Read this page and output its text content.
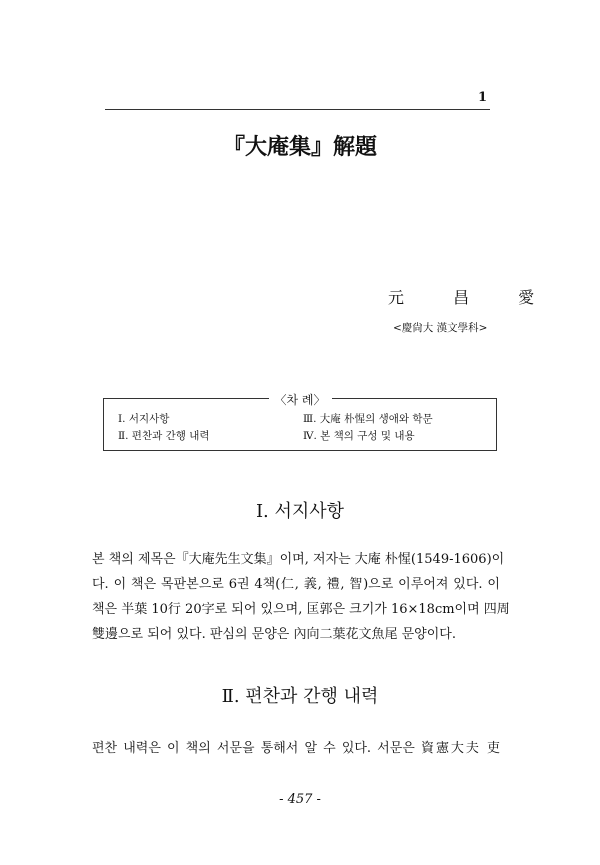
1
『大庵集』解題
元 昌 愛
<慶尙大 漢文學科>
〈차 례〉
Ⅰ. 서지사항
Ⅱ. 편찬과 간행 내력
Ⅲ. 大庵 朴惺의 생애와 학문
Ⅳ. 본 책의 구성 및 내용
Ⅰ. 서지사항
본 책의 제목은『大庵先生文集』이며, 저자는 大庵 朴惺(1549-1606)이
다. 이 책은 목판본으로 6권 4책(仁, 義, 禮, 智)으로 이루어져 있다. 이
책은 半葉 10行 20字로 되어 있으며, 匡郭은 크기가 16×18cm이며 四周
雙邊으로 되어 있다. 판심의 문양은 內向二葉花文魚尾 문양이다.
Ⅱ. 편찬과 간행 내력
편찬 내력은 이 책의 서문을 통해서 알 수 있다. 서문은 資憲大夫 吏
- 457 -
